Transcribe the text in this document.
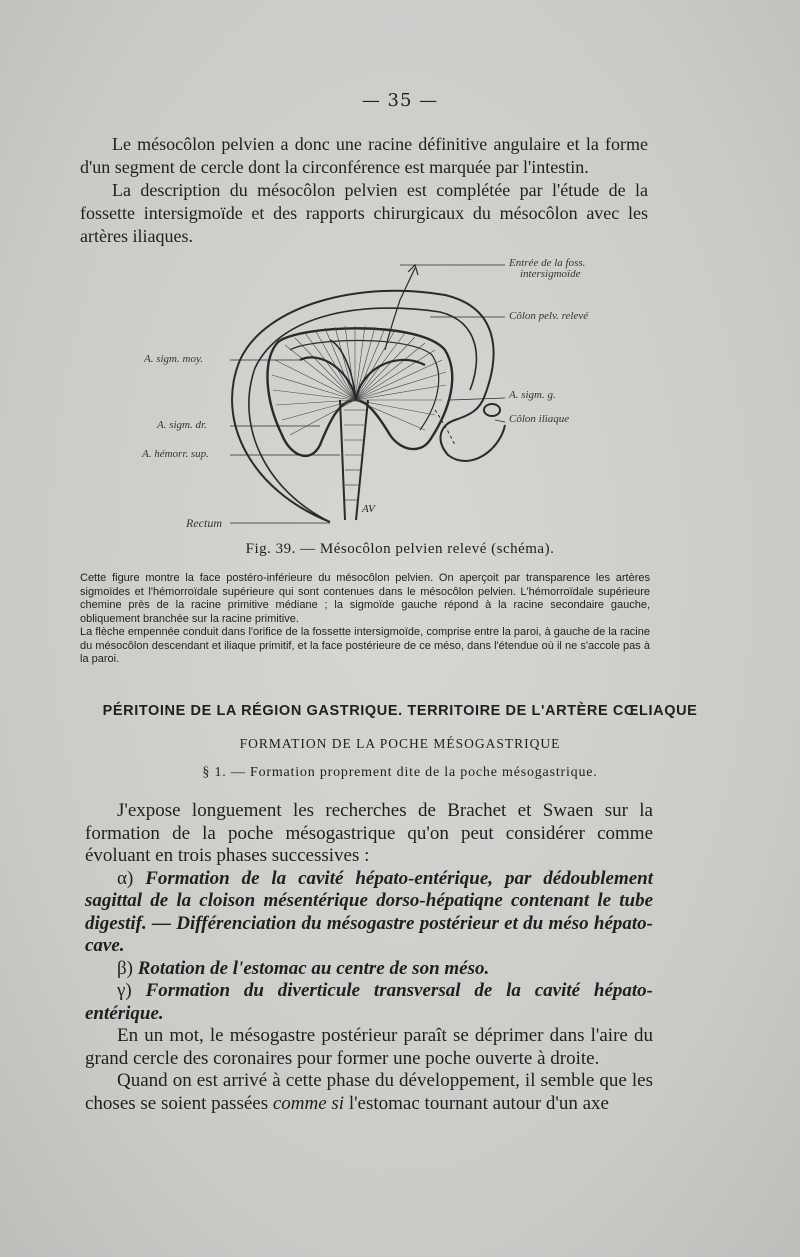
— 35 —

Le mésocôlon pelvien a donc une racine définitive angulaire et la forme d'un segment de cercle dont la circonférence est marquée par l'intestin.

La description du mésocôlon pelvien est complétée par l'étude de la fossette intersigmoïde et des rapports chirurgicaux du mésocôlon avec les artères iliaques.

AV
Entrée de la foss.
intersigmoïde
Côlon pelv. relevé
A. sigm. moy.
A. sigm. g.
Côlon iliaque
A. sigm. dr.
A. hémorr. sup.
Rectum
Fig. 39. — Mésocôlon pelvien relevé (schéma).
Cette figure montre la face postéro-inférieure du mésocôlon pelvien. On aperçoit par transparence les artères sigmoïdes et l'hémorroïdale supérieure qui sont contenues dans le mésocôlon pelvien. L'hémorroïdale supérieure chemine près de la racine primitive médiane ; la sigmoïde gauche répond à la racine secondaire gauche, obliquement branchée sur la racine primitive.
La flèche empennée conduit dans l'orifice de la fossette intersigmoïde, comprise entre la paroi, à gauche de la racine du mésocôlon descendant et iliaque primitif, et la face postérieure de ce méso, dans l'étendue où il ne s'accole pas à la paroi.
PÉRITOINE DE LA RÉGION GASTRIQUE. TERRITOIRE DE L'ARTÈRE CŒLIAQUE
FORMATION DE LA POCHE MÉSOGASTRIQUE
§ 1. — Formation proprement dite de la poche mésogastrique.

J'expose longuement les recherches de Brachet et Swaen sur la formation de la poche mésogastrique qu'on peut considérer comme évoluant en trois phases successives :

α) Formation de la cavité hépato-entérique, par dédoublement sagittal de la cloison mésentérique dorso-hépatiqne contenant le tube digestif. — Différenciation du mésogastre postérieur et du méso hépato-cave.

β) Rotation de l'estomac au centre de son méso.

γ) Formation du diverticule transversal de la cavité hépato-entérique.

En un mot, le mésogastre postérieur paraît se déprimer dans l'aire du grand cercle des coronaires pour former une poche ouverte à droite.

Quand on est arrivé à cette phase du développement, il semble que les choses se soient passées comme si l'estomac tournant autour d'un axe
